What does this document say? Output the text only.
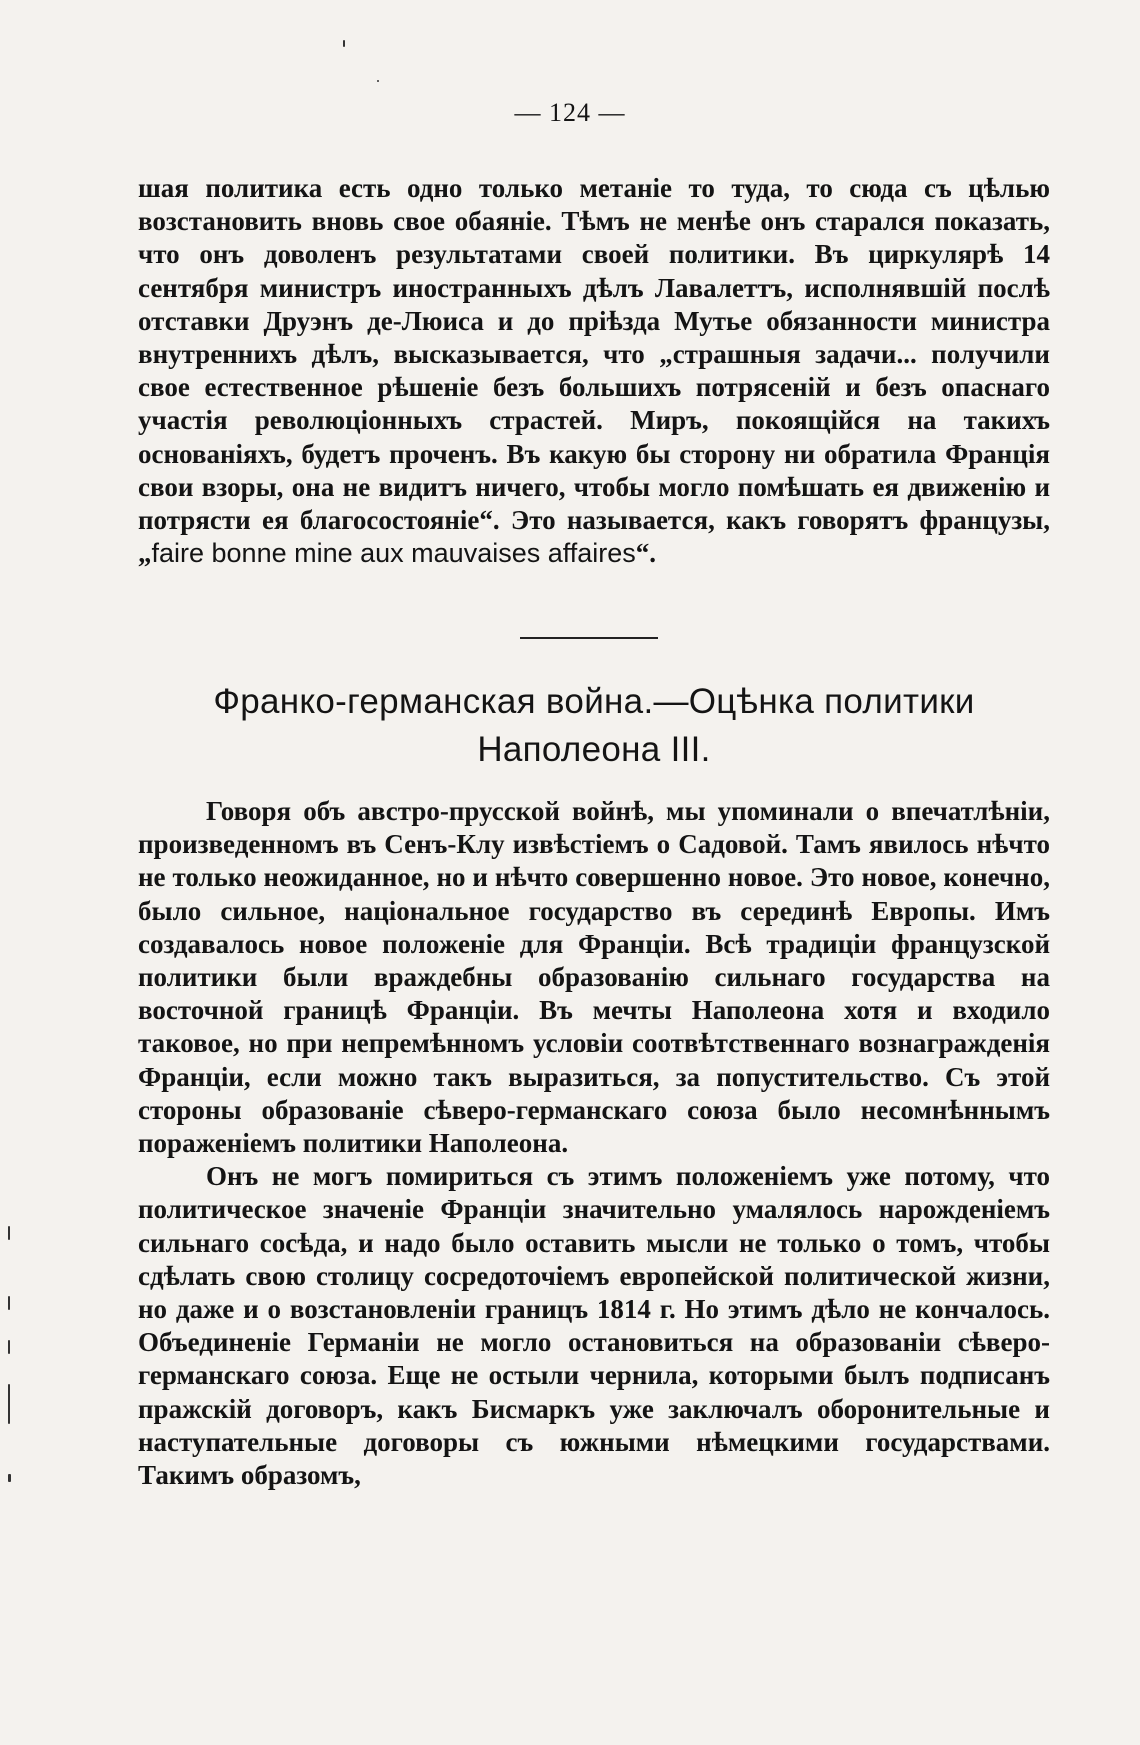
— 124 —

шая политика есть одно только метаніе то туда, то сюда съ цѣлью возстановить вновь свое обаяніе. Тѣмъ не менѣе онъ старался показать, что онъ доволенъ результатами своей политики. Въ циркулярѣ 14 сентября министръ иностранныхъ дѣлъ Лавалеттъ, исполнявшій послѣ отставки Друэнъ де-Люиса и до пріѣзда Мутье обязанности министра внутреннихъ дѣлъ, высказывается, что „страшныя задачи... получили свое естественное рѣшеніе безъ большихъ потрясеній и безъ опаснаго участія революціонныхъ страстей. Миръ, покоящійся на такихъ основаніяхъ, будетъ проченъ. Въ какую бы сторону ни обратила Франція свои взоры, она не видитъ ничего, чтобы могло помѣшать ея движенію и потрясти ея благосостояніе“. Это называется, какъ говорятъ французы, „faire bonne mine aux mauvaises affaires“.

Франко-германская война.—Оцѣнка политики
Наполеона III.

Говоря объ австро-прусской войнѣ, мы упоминали о впечатлѣніи, произведенномъ въ Сенъ-Клу извѣстіемъ о Садовой. Тамъ явилось нѣчто не только неожиданное, но и нѣчто совершенно новое. Это новое, конечно, было сильное, національное государство въ серединѣ Европы. Имъ создавалось новое положеніе для Франціи. Всѣ традиціи французской политики были враждебны образованію сильнаго государства на восточной границѣ Франціи. Въ мечты Наполеона хотя и входило таковое, но при непремѣнномъ условіи соотвѣтственнаго вознагражденія Франціи, если можно такъ выразиться, за попустительство. Съ этой стороны образованіе сѣверо-германскаго союза было несомнѣннымъ пораженіемъ политики Наполеона.

Онъ не могъ помириться съ этимъ положеніемъ уже потому, что политическое значеніе Франціи значительно умалялось нарожденіемъ сильнаго сосѣда, и надо было оставить мысли не только о томъ, чтобы сдѣлать свою столицу сосредоточіемъ европейской политической жизни, но даже и о возстановленіи границъ 1814 г. Но этимъ дѣло не кончалось. Объединеніе Германіи не могло остановиться на образованіи сѣверо-германскаго союза. Еще не остыли чернила, которыми былъ подписанъ пражскій договоръ, какъ Бисмаркъ уже заключалъ оборонительные и наступательные договоры съ южными нѣмецкими государствами. Такимъ образомъ,
